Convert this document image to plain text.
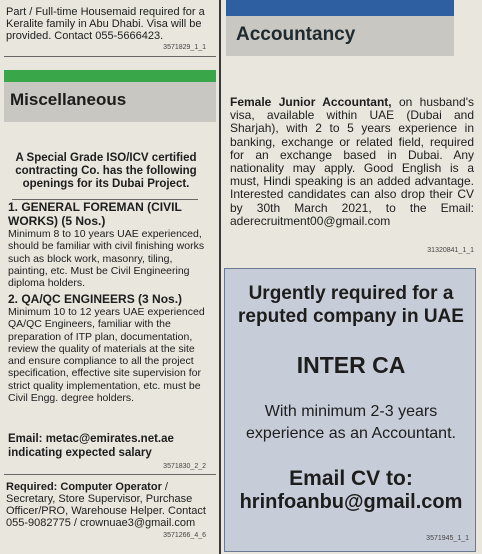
Part / Full-time Housemaid required for a Keralite family in Abu Dhabi. Visa will be provided. Contact 055-5666423.
3571829_1_1
Miscellaneous
A Special Grade ISO/ICV certified contracting Co. has the following openings for its Dubai Project.
1. GENERAL FOREMAN (CIVIL WORKS) (5 Nos.)
Minimum 8 to 10 years UAE experienced, should be familiar with civil finishing works such as block work, masonry, tiling, painting, etc. Must be Civil Engineering diploma holders.
2. QA/QC ENGINEERS (3 Nos.)
Minimum 10 to 12 years UAE experienced QA/QC Engineers, familiar with the preparation of ITP plan, documentation, review the quality of materials at the site and ensure compliance to all the project specification, effective site supervision for strict quality implementation, etc. must be Civil Engg. degree holders.
Email: metac@emirates.net.ae indicating expected salary
3571830_2_2
Required: Computer Operator / Secretary, Store Supervisor, Purchase Officer/PRO, Warehouse Helper. Contact 055-9082775 / crownuae3@gmail.com
3571266_4_6
Accountancy
Female Junior Accountant, on husband's visa, available within UAE (Dubai and Sharjah), with 2 to 5 years experience in banking, exchange or related field, required for an exchange based in Dubai. Any nationality may apply. Good English is a must, Hindi speaking is an added advantage. Interested candidates can also drop their CV by 30th March 2021, to the Email: aderecruitment00@gmail.com
31320841_1_1
Urgently required for a
reputed company in UAE
INTER CA
With minimum 2-3 years
experience as an Accountant.
Email CV to:
hrinfoanbu@gmail.com
3571945_1_1
